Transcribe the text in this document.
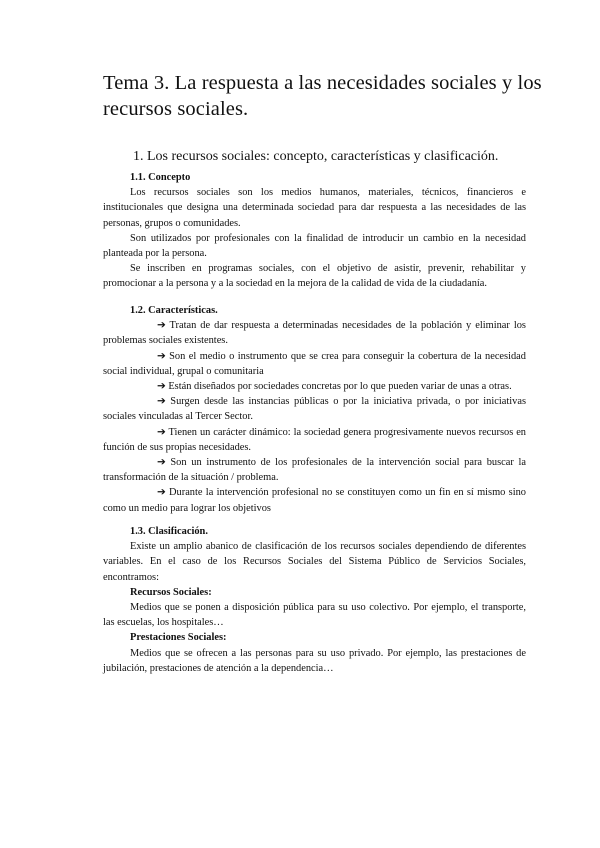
Tema 3. La respuesta a las necesidades sociales y los recursos sociales.
1. Los recursos sociales: concepto, características y clasificación.
1.1. Concepto

Los recursos sociales son los medios humanos, materiales, técnicos, financieros e institucionales que designa una determinada sociedad para dar respuesta a las necesidades de las personas, grupos o comunidades.

Son utilizados por profesionales con la finalidad de introducir un cambio en la necesidad planteada por la persona.

Se inscriben en programas sociales, con el objetivo de asistir, prevenir, rehabilitar y promocionar a la persona y a la sociedad en la mejora de la calidad de vida de la ciudadanía.

1.2. Características.

➔ Tratan de dar respuesta a determinadas necesidades de la población y eliminar los problemas sociales existentes.

➔ Son el medio o instrumento que se crea para conseguir la cobertura de la necesidad social individual, grupal o comunitaria

➔ Están diseñados por sociedades concretas por lo que pueden variar de unas a otras.

➔ Surgen desde las instancias públicas o por la iniciativa privada, o por iniciativas sociales vinculadas al Tercer Sector.

➔ Tienen un carácter dinámico: la sociedad genera progresivamente nuevos recursos en función de sus propias necesidades.

➔ Son un instrumento de los profesionales de la intervención social para buscar la transformación de la situación / problema.

➔ Durante la intervención profesional no se constituyen como un fin en sí mismo sino como un medio para lograr los objetivos

1.3. Clasificación.

Existe un amplio abanico de clasificación de los recursos sociales dependiendo de diferentes variables. En el caso de los Recursos Sociales del Sistema Público de Servicios Sociales, encontramos:

Recursos Sociales:

Medios que se ponen a disposición pública para su uso colectivo. Por ejemplo, el transporte, las escuelas, los hospitales…

Prestaciones Sociales:

Medios que se ofrecen a las personas para su uso privado. Por ejemplo, las prestaciones de jubilación, prestaciones de atención a la dependencia…
